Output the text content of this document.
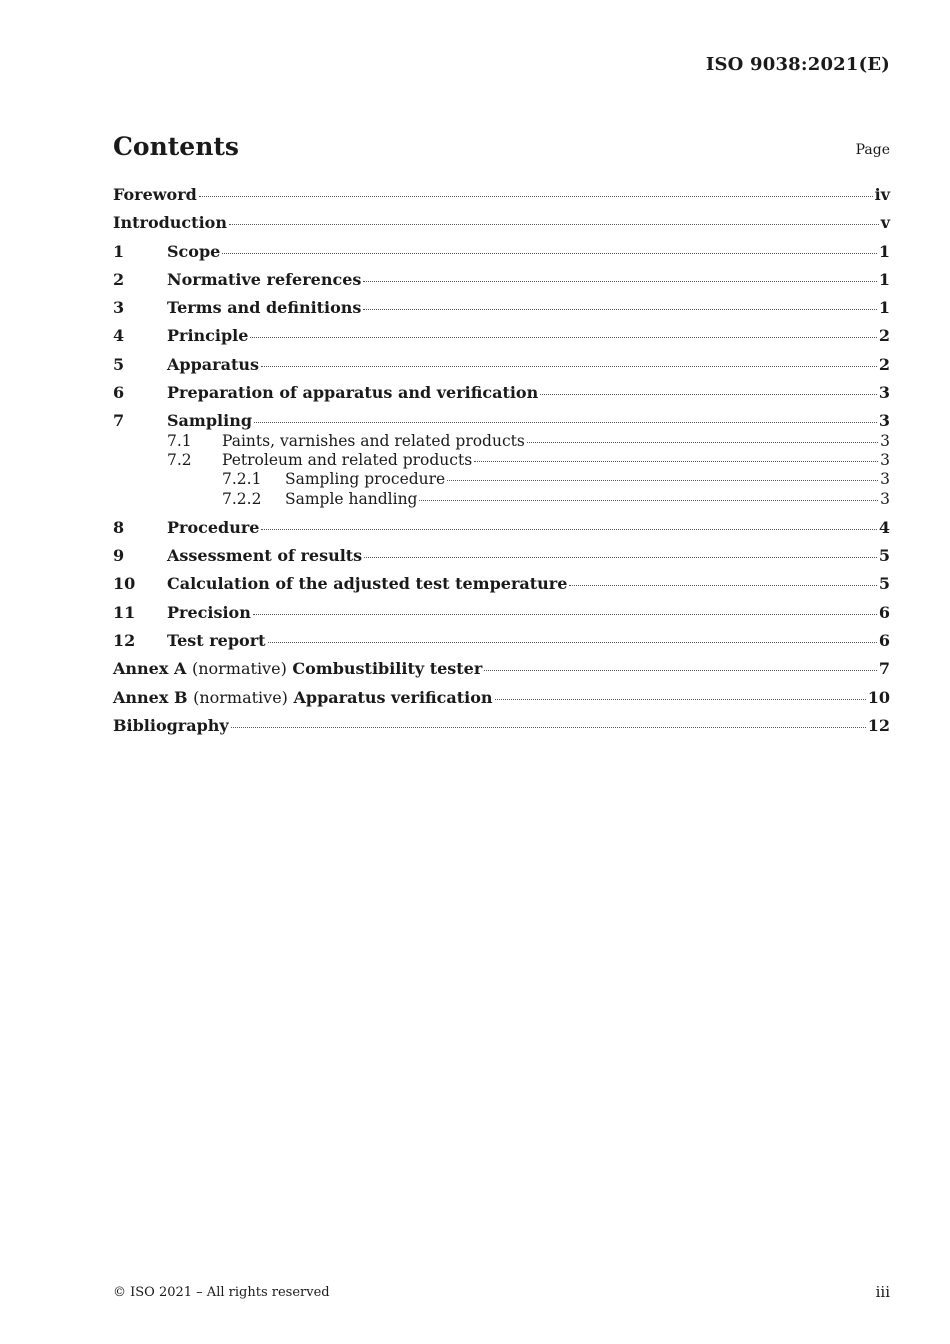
ISO 9038:2021(E)
Contents	Page
Foreword	iv
Introduction	v
1	Scope	1
2	Normative references	1
3	Terms and definitions	1
4	Principle	2
5	Apparatus	2
6	Preparation of apparatus and verification	3
7	Sampling	3
7.1	Paints, varnishes and related products	3
7.2	Petroleum and related products	3
7.2.1	Sampling procedure	3
7.2.2	Sample handling	3
8	Procedure	4
9	Assessment of results	5
10	Calculation of the adjusted test temperature	5
11	Precision	6
12	Test report	6
Annex A (normative) Combustibility tester	7
Annex B (normative) Apparatus verification	10
Bibliography	12
© ISO 2021 – All rights reserved	iii
